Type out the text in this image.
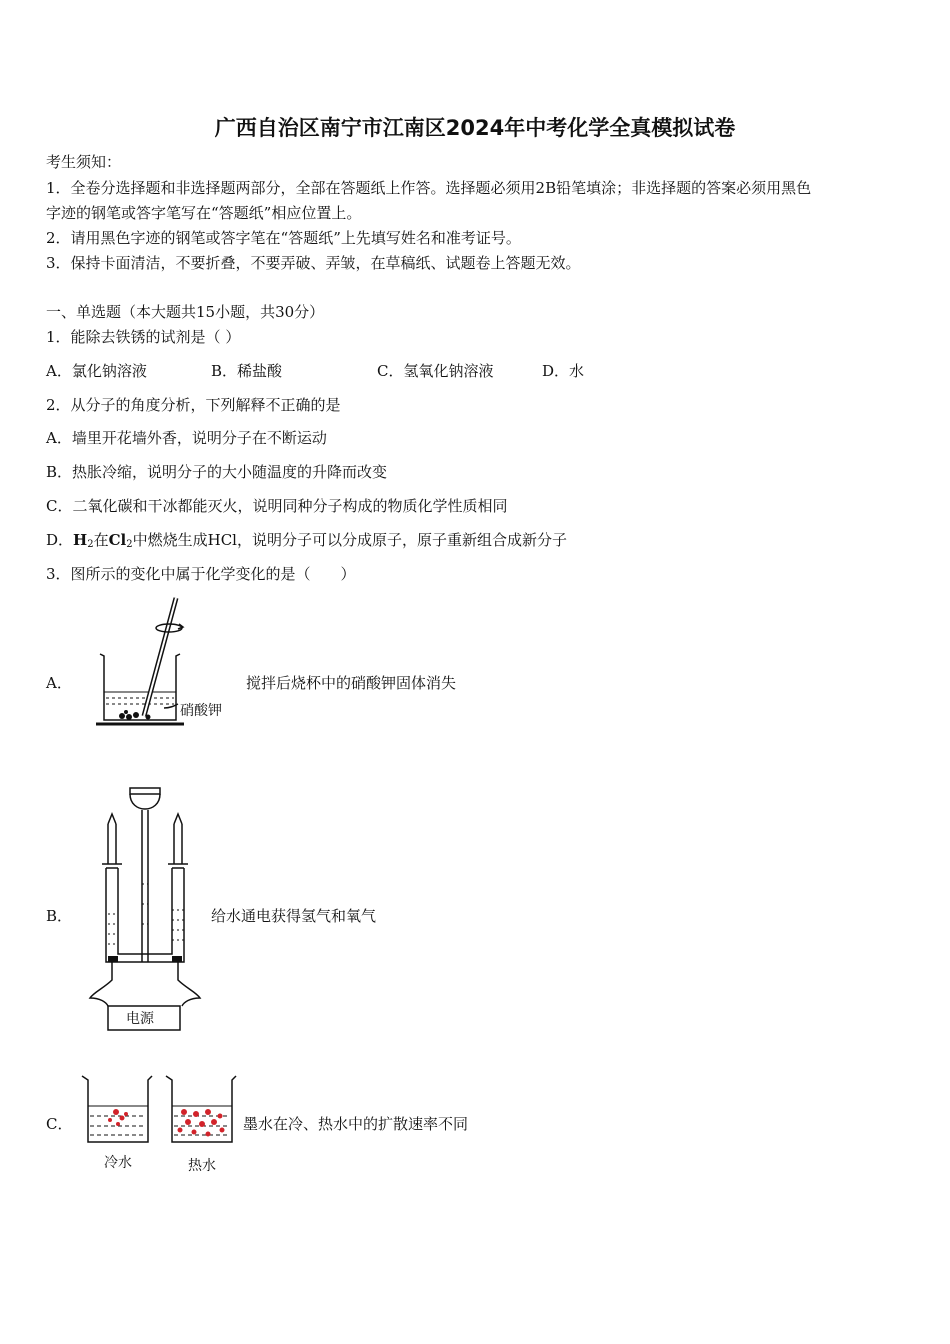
广西自治区南宁市江南区2024年中考化学全真模拟试卷
考生须知：
1．全卷分选择题和非选择题两部分，全部在答题纸上作答。选择题必须用2B铅笔填涂；非选择题的答案必须用黑色
字迹的钢笔或答字笔写在“答题纸”相应位置上。
2．请用黑色字迹的钢笔或答字笔在“答题纸”上先填写姓名和准考证号。
3．保持卡面清洁，不要折叠，不要弄破、弄皱，在草稿纸、试题卷上答题无效。
一、单选题（本大题共15小题，共30分）
1．能除去铁锈的试剂是（ ）
A．氯化钠溶液	B．稀盐酸	C．氢氧化钠溶液	D．水
2．从分子的角度分析，下列解释不正确的是
A．墙里开花墙外香，说明分子在不断运动
B．热胀冷缩，说明分子的大小随温度的升降而改变
C．二氧化碳和干冰都能灭火，说明同种分子构成的物质化学性质相同
D．$H_2$在$Cl_2$中燃烧生成HCl，说明分子可以分成原子，原子重新组合成新分子
3．图所示的变化中属于化学变化的是（　　）
A．	搅拌后烧杯中的硝酸钾固体消失
硝酸钾
B．	给水通电获得氢气和氧气
电源
C．	墨水在冷、热水中的扩散速率不同
冷水	热水
